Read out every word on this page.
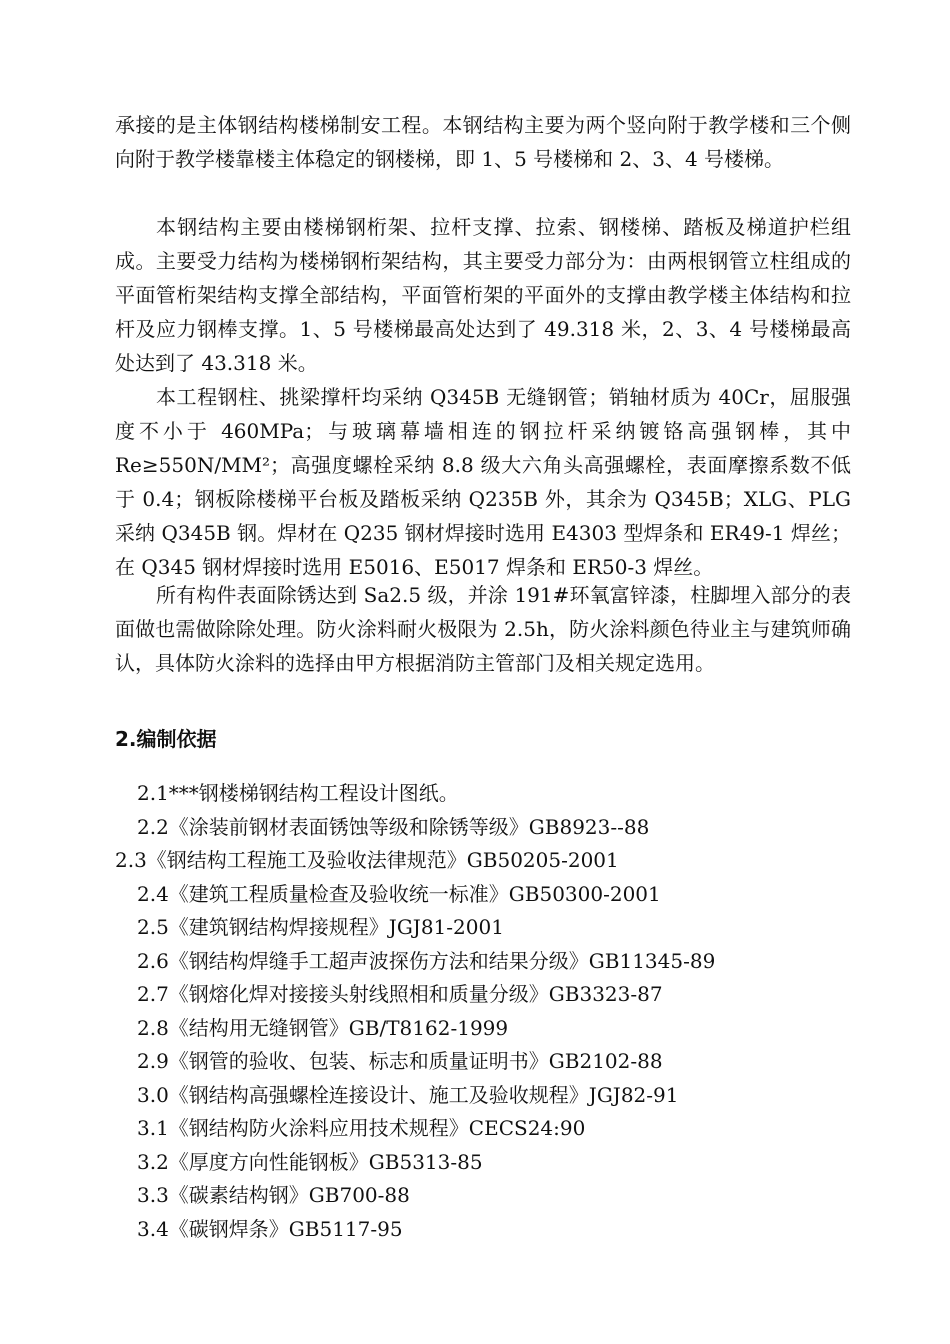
承接的是主体钢结构楼梯制安工程。本钢结构主要为两个竖向附于教学楼和三个侧向附于教学楼靠楼主体稳定的钢楼梯，即 1、5 号楼梯和 2、3、4 号楼梯。

本钢结构主要由楼梯钢桁架、拉杆支撑、拉索、钢楼梯、踏板及梯道护栏组成。主要受力结构为楼梯钢桁架结构，其主要受力部分为：由两根钢管立柱组成的平面管桁架结构支撑全部结构，平面管桁架的平面外的支撑由教学楼主体结构和拉杆及应力钢棒支撑。1、5 号楼梯最高处达到了 49.318 米，2、3、4 号楼梯最高处达到了 43.318 米。

本工程钢柱、挑梁撑杆均采纳 Q345B 无缝钢管；销轴材质为 40Cr，屈服强度不小于 460MPa；与玻璃幕墙相连的钢拉杆采纳镀铬高强钢棒，其中 Re≥550N/MM²；高强度螺栓采纳 8.8 级大六角头高强螺栓，表面摩擦系数不低于 0.4；钢板除楼梯平台板及踏板采纳 Q235B 外，其余为 Q345B；XLG、PLG 采纳 Q345B 钢。焊材在 Q235 钢材焊接时选用 E4303 型焊条和 ER49-1 焊丝；在 Q345 钢材焊接时选用 E5016、E5017 焊条和 ER50-3 焊丝。

所有构件表面除锈达到 Sa2.5 级，并涂 191#环氧富锌漆，柱脚埋入部分的表面做也需做除除处理。防火涂料耐火极限为 2.5h，防火涂料颜色待业主与建筑师确认，具体防火涂料的选择由甲方根据消防主管部门及相关规定选用。

2.编制依据

2.1***钢楼梯钢结构工程设计图纸。

2.2《涂装前钢材表面锈蚀等级和除锈等级》GB8923--88

2.3《钢结构工程施工及验收法律规范》GB50205-2001

2.4《建筑工程质量检查及验收统一标准》GB50300-2001

2.5《建筑钢结构焊接规程》JGJ81-2001

2.6《钢结构焊缝手工超声波探伤方法和结果分级》GB11345-89

2.7《钢熔化焊对接接头射线照相和质量分级》GB3323-87

2.8《结构用无缝钢管》GB/T8162-1999

2.9《钢管的验收、包装、标志和质量证明书》GB2102-88

3.0《钢结构高强螺栓连接设计、施工及验收规程》JGJ82-91

3.1《钢结构防火涂料应用技术规程》CECS24:90

3.2《厚度方向性能钢板》GB5313-85

3.3《碳素结构钢》GB700-88

3.4《碳钢焊条》GB5117-95
